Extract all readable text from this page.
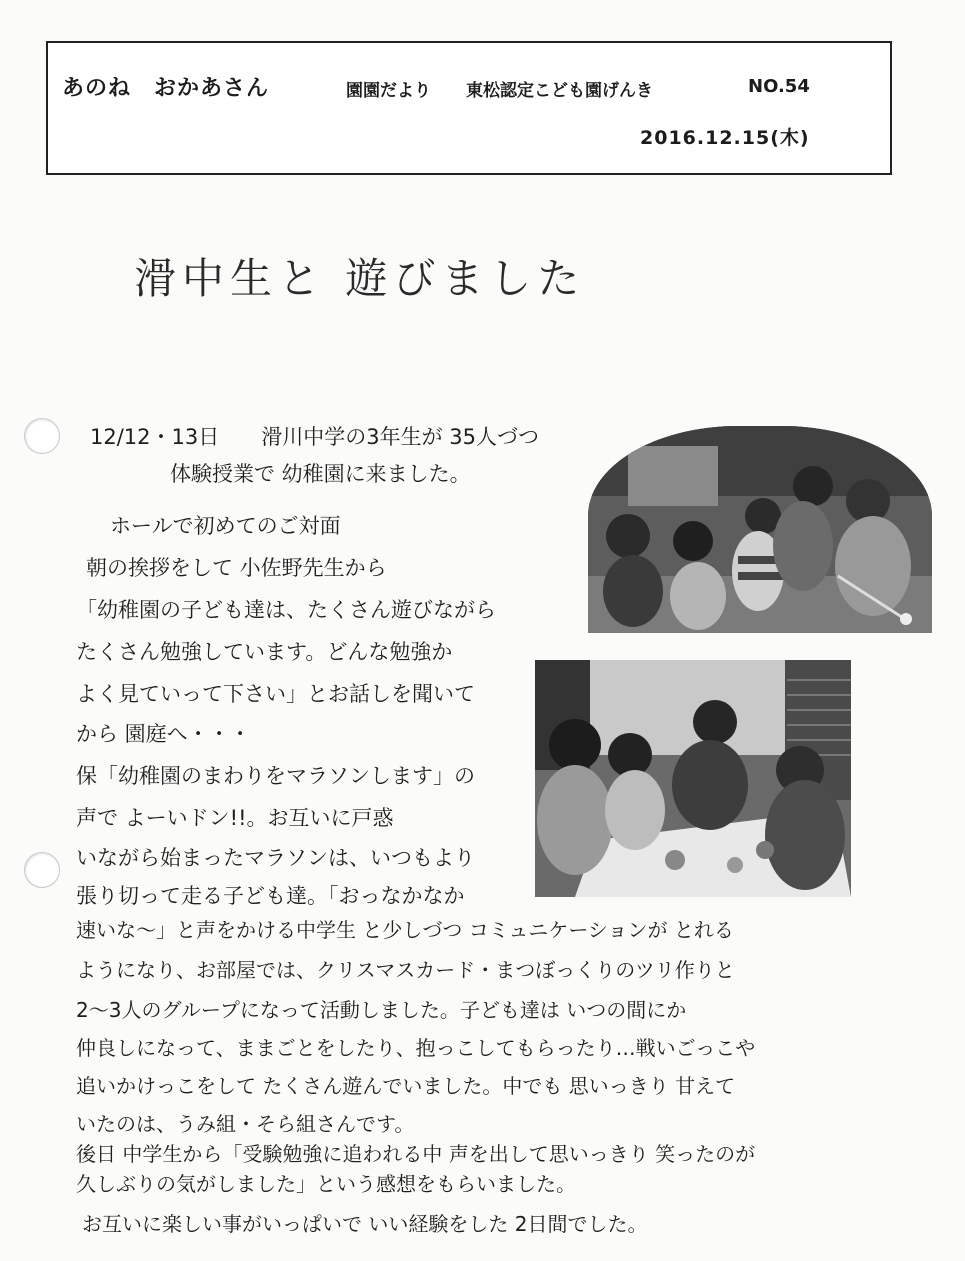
あのね　おかあさん	園園だより 東松認定こども園げんき	NO.54
2016.12.15(木)
滑中生と 遊びました
12/12・13日　　滑川中学の3年生が 35人づつ
体験授業で 幼稚園に来ました。
ホールで初めてのご対面
朝の挨拶をして 小佐野先生から
「幼稚園の子ども達は、たくさん遊びながら
たくさん勉強しています。どんな勉強か
よく見ていって下さい」とお話しを聞いて
から 園庭へ・・・
保「幼稚園のまわりをマラソンします」の
声で よーいドン!!。お互いに戸惑
いながら始まったマラソンは、いつもより
張り切って走る子ども達。「おっなかなか
速いな～」と声をかける中学生 と少しづつ コミュニケーションが とれる
ようになり、お部屋では、クリスマスカード・まつぼっくりのツリ作りと
2～3人のグループになって活動しました。子ども達は いつの間にか
仲良しになって、ままごとをしたり、抱っこしてもらったり…戦いごっこや
追いかけっこをして たくさん遊んでいました。中でも 思いっきり 甘えて
いたのは、うみ組・そら組さんです。
後日 中学生から「受験勉強に追われる中 声を出して思いっきり 笑ったのが
久しぶりの気がしました」という感想をもらいました。
お互いに楽しい事がいっぱいで いい経験をした 2日間でした。
